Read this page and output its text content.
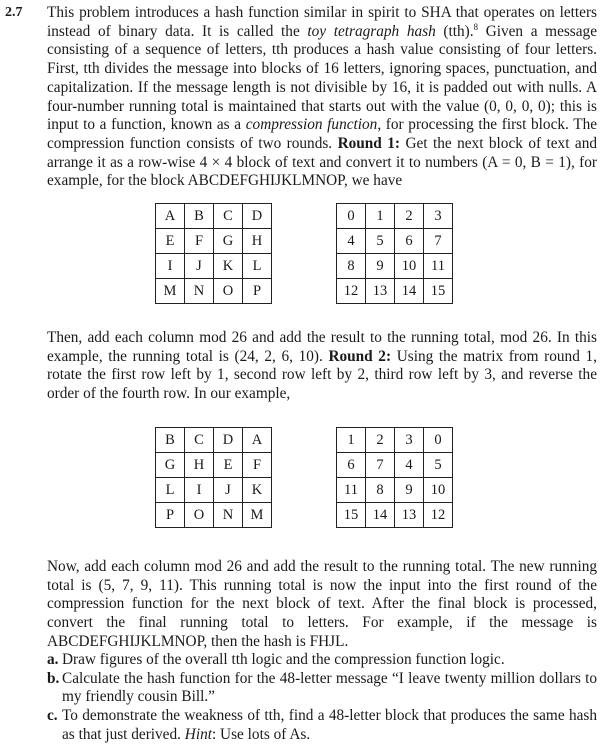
2.7 This problem introduces a hash function similar in spirit to SHA that operates on letters instead of binary data. It is called the toy tetragraph hash (tth).$^8$ Given a message consisting of a sequence of letters, tth produces a hash value consisting of four letters. First, tth divides the message into blocks of 16 letters, ignoring spaces, punctuation, and capitalization. If the message length is not divisible by 16, it is padded out with nulls. A four-number running total is maintained that starts out with the value (0, 0, 0, 0); this is input to a function, known as a compression function, for processing the first block. The compression function consists of two rounds. Round 1: Get the next block of text and arrange it as a row-wise 4 × 4 block of text and convert it to numbers (A = 0, B = 1), for example, for the block ABCDEFGHIJKLMNOP, we have
A	B	C	D
E	F	G	H
I	J	K	L
M	N	O	P
0	1	2	3
4	5	6	7
8	9	10	11
12	13	14	15
Then, add each column mod 26 and add the result to the running total, mod 26. In this example, the running total is (24, 2, 6, 10). Round 2: Using the matrix from round 1, rotate the first row left by 1, second row left by 2, third row left by 3, and reverse the order of the fourth row. In our example,
B	C	D	A
G	H	E	F
L	I	J	K
P	O	N	M
1	2	3	0
6	7	4	5
11	8	9	10
15	14	13	12
Now, add each column mod 26 and add the result to the running total. The new running total is (5, 7, 9, 11). This running total is now the input into the first round of the compression function for the next block of text. After the final block is processed, convert the final running total to letters. For example, if the message is ABCDEFGHIJKLMNOP, then the hash is FHJL.
a. Draw figures of the overall tth logic and the compression function logic.
b. Calculate the hash function for the 48-letter message “I leave twenty million dollars to my friendly cousin Bill.”
c. To demonstrate the weakness of tth, find a 48-letter block that produces the same hash as that just derived. Hint: Use lots of As.
